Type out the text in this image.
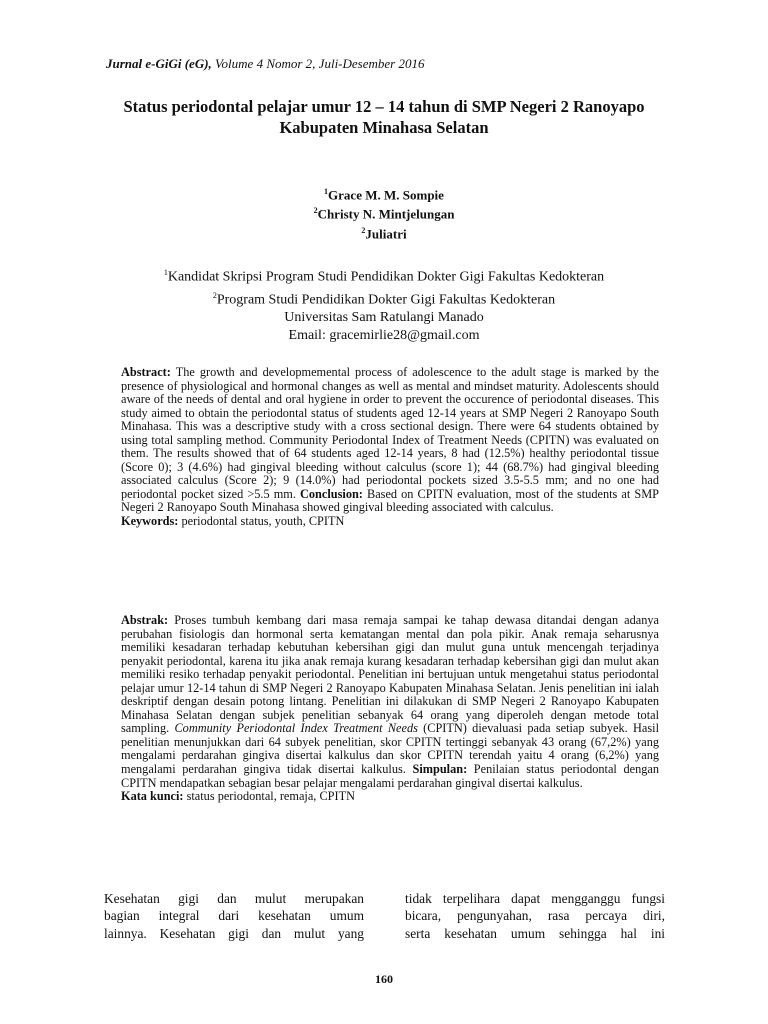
Jurnal e-GiGi (eG), Volume 4 Nomor 2, Juli-Desember 2016
Status periodontal pelajar umur 12 – 14 tahun di SMP Negeri 2 Ranoyapo
Kabupaten Minahasa Selatan
$^1$Grace M. M. Sompie
$^2$Christy N. Mintjelungan
$^2$Juliatri
$^1$Kandidat Skripsi Program Studi Pendidikan Dokter Gigi Fakultas Kedokteran
$^2$Program Studi Pendidikan Dokter Gigi Fakultas Kedokteran
Universitas Sam Ratulangi Manado
Email: gracemirlie28@gmail.com

Abstract: The growth and developmemental process of adolescence to the adult stage is marked by the presence of physiological and hormonal changes as well as mental and mindset maturity. Adolescents should aware of the needs of dental and oral hygiene in order to prevent the occurence of periodontal diseases. This study aimed to obtain the periodontal status of students aged 12-14 years at SMP Negeri 2 Ranoyapo South Minahasa. This was a descriptive study with a cross sectional design. There were 64 students obtained by using total sampling method. Community Periodontal Index of Treatment Needs (CPITN) was evaluated on them. The results showed that of 64 students aged 12-14 years, 8 had (12.5%) healthy periodontal tissue (Score 0); 3 (4.6%) had gingival bleeding without calculus (score 1); 44 (68.7%) had gingival bleeding associated calculus (Score 2); 9 (14.0%) had periodontal pockets sized 3.5-5.5 mm; and no one had periodontal pocket sized >5.5 mm. Conclusion: Based on CPITN evaluation, most of the students at SMP Negeri 2 Ranoyapo South Minahasa showed gingival bleeding associated with calculus.

Keywords: periodontal status, youth, CPITN

Abstrak: Proses tumbuh kembang dari masa remaja sampai ke tahap dewasa ditandai dengan adanya perubahan fisiologis dan hormonal serta kematangan mental dan pola pikir. Anak remaja seharusnya memiliki kesadaran terhadap kebutuhan kebersihan gigi dan mulut guna untuk mencengah terjadinya penyakit periodontal, karena itu jika anak remaja kurang kesadaran terhadap kebersihan gigi dan mulut akan memiliki resiko terhadap penyakit periodontal. Penelitian ini bertujuan untuk mengetahui status periodontal pelajar umur 12-14 tahun di SMP Negeri 2 Ranoyapo Kabupaten Minahasa Selatan. Jenis penelitian ini ialah deskriptif dengan desain potong lintang. Penelitian ini dilakukan di SMP Negeri 2 Ranoyapo Kabupaten Minahasa Selatan dengan subjek penelitian sebanyak 64 orang yang diperoleh dengan metode total sampling. Community Periodontal Index Treatment Needs (CPITN) dievaluasi pada setiap subyek. Hasil penelitian menunjukkan dari 64 subyek penelitian, skor CPITN tertinggi sebanyak 43 orang (67,2%) yang mengalami perdarahan gingiva disertai kalkulus dan skor CPITN terendah yaitu 4 orang (6,2%) yang mengalami perdarahan gingiva tidak disertai kalkulus. Simpulan: Penilaian status periodontal dengan CPITN mendapatkan sebagian besar pelajar mengalami perdarahan gingival disertai kalkulus.

Kata kunci: status periodontal, remaja, CPITN

Kesehatan gigi dan mulut merupakan
bagian integral dari kesehatan umum
lainnya. Kesehatan gigi dan mulut yang
tidak terpelihara dapat mengganggu fungsi
bicara, pengunyahan, rasa percaya diri,
serta kesehatan umum sehingga hal ini
160
